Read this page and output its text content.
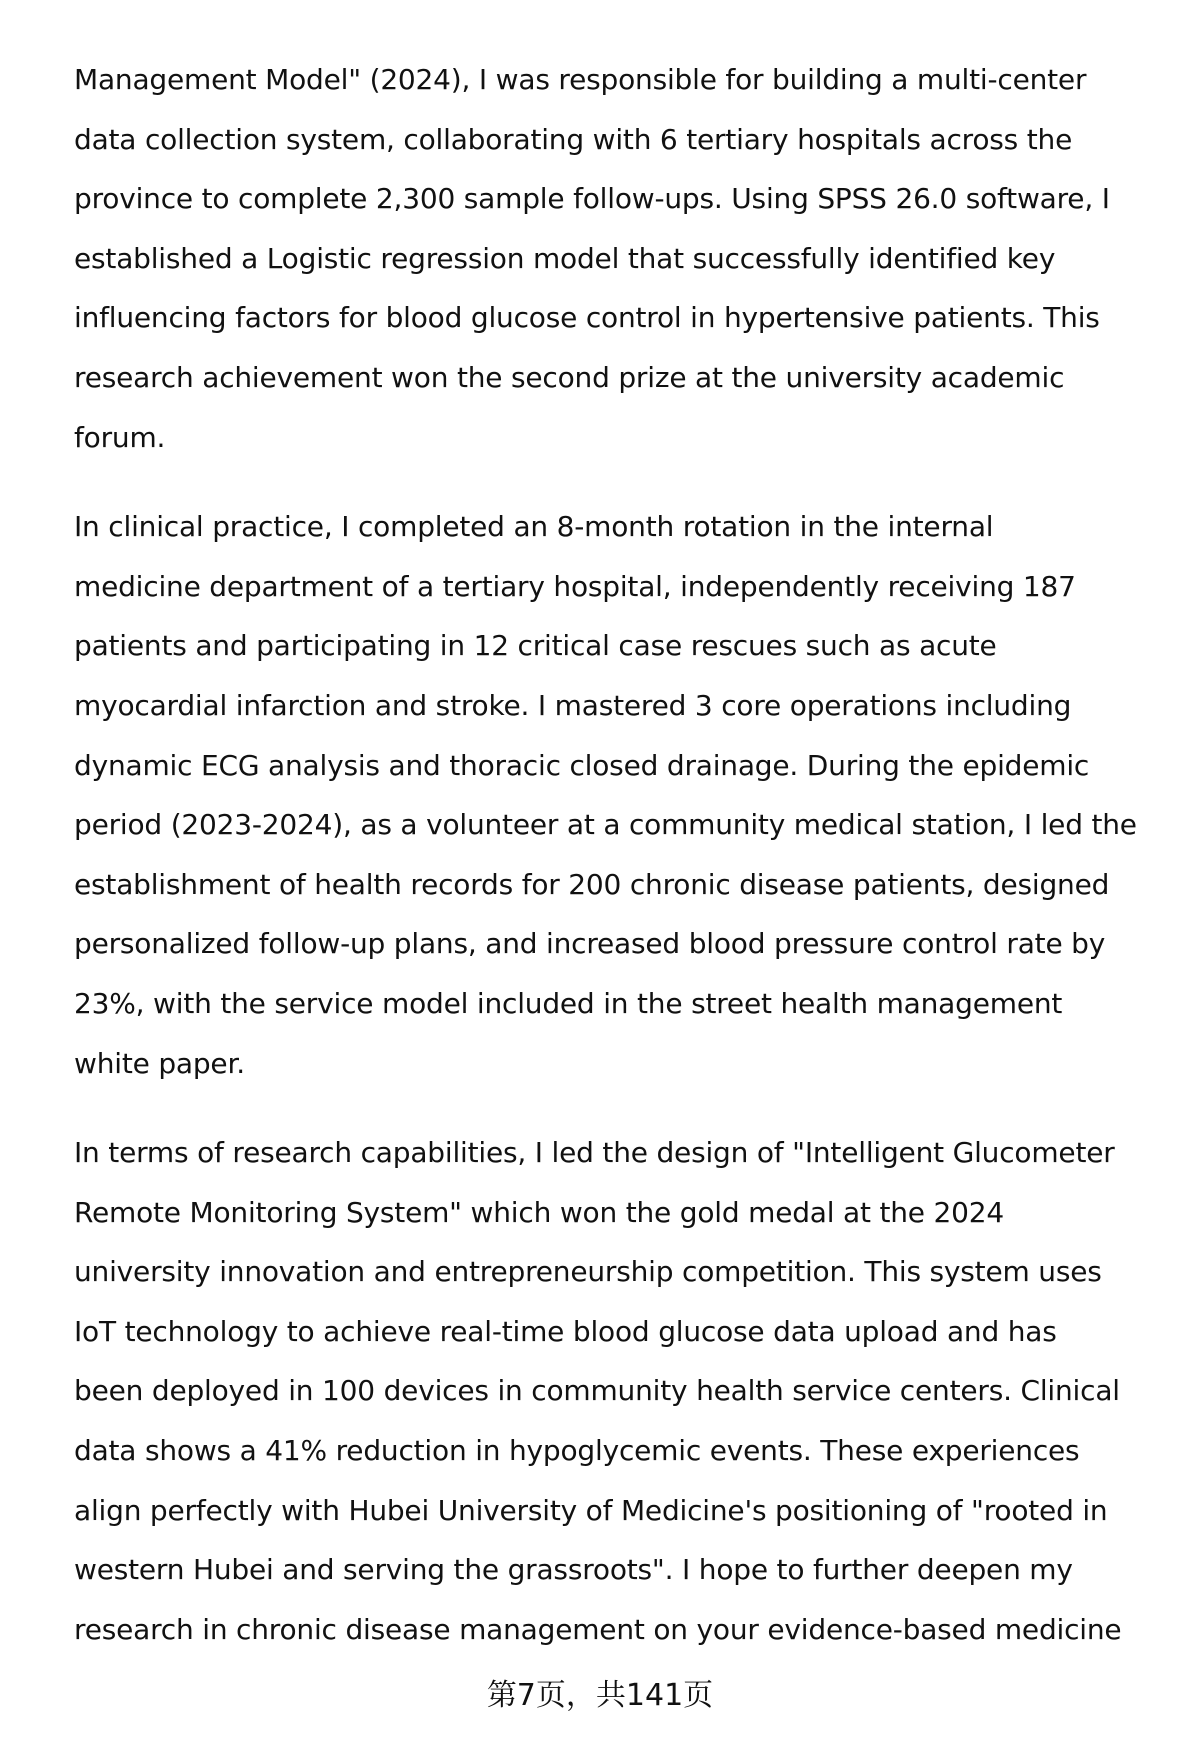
Management Model" (2024), I was responsible for building a multi-center
data collection system, collaborating with 6 tertiary hospitals across the
province to complete 2,300 sample follow-ups. Using SPSS 26.0 software, I
established a Logistic regression model that successfully identified key
influencing factors for blood glucose control in hypertensive patients. This
research achievement won the second prize at the university academic
forum.
In clinical practice, I completed an 8-month rotation in the internal
medicine department of a tertiary hospital, independently receiving 187
patients and participating in 12 critical case rescues such as acute
myocardial infarction and stroke. I mastered 3 core operations including
dynamic ECG analysis and thoracic closed drainage. During the epidemic
period (2023-2024), as a volunteer at a community medical station, I led the
establishment of health records for 200 chronic disease patients, designed
personalized follow-up plans, and increased blood pressure control rate by
23%, with the service model included in the street health management
white paper.
In terms of research capabilities, I led the design of "Intelligent Glucometer
Remote Monitoring System" which won the gold medal at the 2024
university innovation and entrepreneurship competition. This system uses
IoT technology to achieve real-time blood glucose data upload and has
been deployed in 100 devices in community health service centers. Clinical
data shows a 41% reduction in hypoglycemic events. These experiences
align perfectly with Hubei University of Medicine's positioning of "rooted in
western Hubei and serving the grassroots". I hope to further deepen my
research in chronic disease management on your evidence-based medicine
第7页，共141页
